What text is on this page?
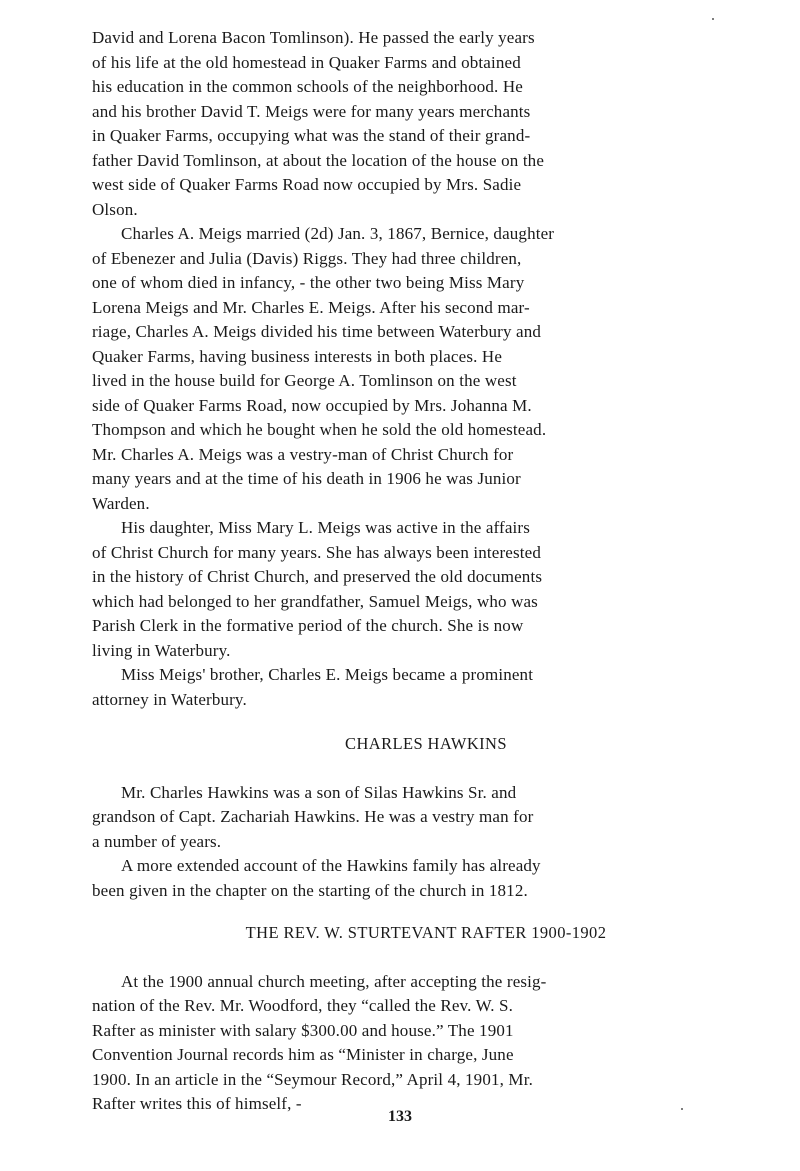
David and Lorena Bacon Tomlinson). He passed the early years
of his life at the old homestead in Quaker Farms and obtained
his education in the common schools of the neighborhood. He
and his brother David T. Meigs were for many years merchants
in Quaker Farms, occupying what was the stand of their grand-
father David Tomlinson, at about the location of the house on the
west side of Quaker Farms Road now occupied by Mrs. Sadie
Olson.
Charles A. Meigs married (2d) Jan. 3, 1867, Bernice, daughter
of Ebenezer and Julia (Davis) Riggs. They had three children,
one of whom died in infancy, - the other two being Miss Mary
Lorena Meigs and Mr. Charles E. Meigs. After his second mar-
riage, Charles A. Meigs divided his time between Waterbury and
Quaker Farms, having business interests in both places. He
lived in the house build for George A. Tomlinson on the west
side of Quaker Farms Road, now occupied by Mrs. Johanna M.
Thompson and which he bought when he sold the old homestead.
Mr. Charles A. Meigs was a vestry-man of Christ Church for
many years and at the time of his death in 1906 he was Junior
Warden.
His daughter, Miss Mary L. Meigs was active in the affairs
of Christ Church for many years. She has always been interested
in the history of Christ Church, and preserved the old documents
which had belonged to her grandfather, Samuel Meigs, who was
Parish Clerk in the formative period of the church. She is now
living in Waterbury.
Miss Meigs' brother, Charles E. Meigs became a prominent
attorney in Waterbury.
CHARLES HAWKINS
Mr. Charles Hawkins was a son of Silas Hawkins Sr. and
grandson of Capt. Zachariah Hawkins. He was a vestry man for
a number of years.
A more extended account of the Hawkins family has already
been given in the chapter on the starting of the church in 1812.
THE REV. W. STURTEVANT RAFTER 1900-1902
At the 1900 annual church meeting, after accepting the resig-
nation of the Rev. Mr. Woodford, they “called the Rev. W. S.
Rafter as minister with salary $300.00 and house.” The 1901
Convention Journal records him as “Minister in charge, June
1900. In an article in the “Seymour Record,” April 4, 1901, Mr.
Rafter writes this of himself, -
133
